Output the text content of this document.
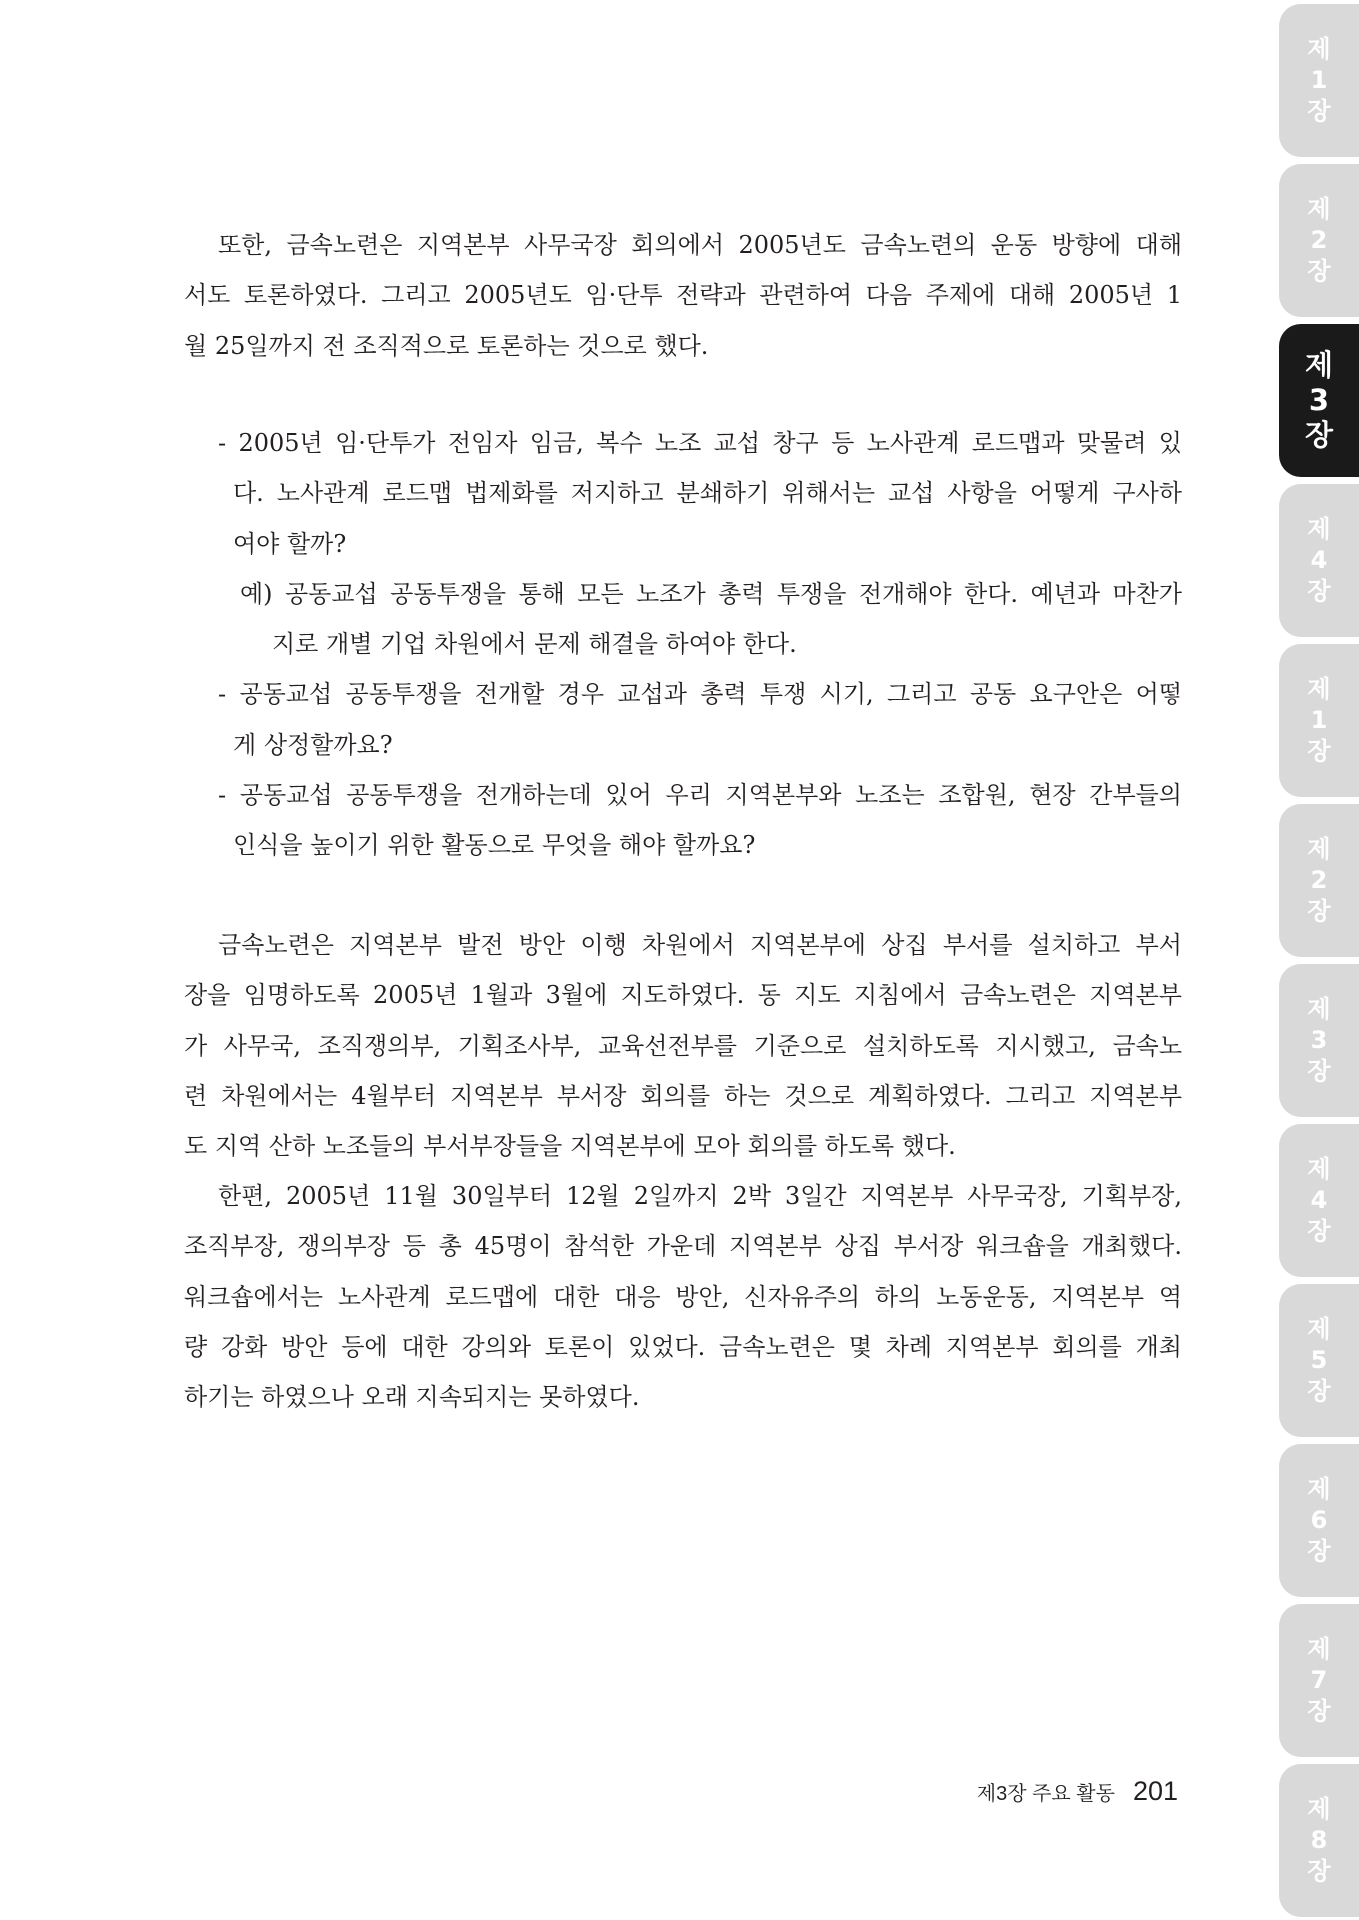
또한, 금속노련은 지역본부 사무국장 회의에서 2005년도 금속노련의 운동 방향에 대해
서도 토론하였다. 그리고 2005년도 임·단투 전략과 관련하여 다음 주제에 대해 2005년 1
월 25일까지 전 조직적으로 토론하는 것으로 했다.
- 2005년 임·단투가 전임자 임금, 복수 노조 교섭 창구 등 노사관계 로드맵과 맞물려 있
다. 노사관계 로드맵 법제화를 저지하고 분쇄하기 위해서는 교섭 사항을 어떻게 구사하
여야 할까?
예) 공동교섭 공동투쟁을 통해 모든 노조가 총력 투쟁을 전개해야 한다. 예년과 마찬가
지로 개별 기업 차원에서 문제 해결을 하여야 한다.
- 공동교섭 공동투쟁을 전개할 경우 교섭과 총력 투쟁 시기, 그리고 공동 요구안은 어떻
게 상정할까요?
- 공동교섭 공동투쟁을 전개하는데 있어 우리 지역본부와 노조는 조합원, 현장 간부들의
인식을 높이기 위한 활동으로 무엇을 해야 할까요?
금속노련은 지역본부 발전 방안 이행 차원에서 지역본부에 상집 부서를 설치하고 부서
장을 임명하도록 2005년 1월과 3월에 지도하였다. 동 지도 지침에서 금속노련은 지역본부
가 사무국, 조직쟁의부, 기획조사부, 교육선전부를 기준으로 설치하도록 지시했고, 금속노
련 차원에서는 4월부터 지역본부 부서장 회의를 하는 것으로 계획하였다. 그리고 지역본부
도 지역 산하 노조들의 부서부장들을 지역본부에 모아 회의를 하도록 했다.
한편, 2005년 11월 30일부터 12월 2일까지 2박 3일간 지역본부 사무국장, 기획부장,
조직부장, 쟁의부장 등 총 45명이 참석한 가운데 지역본부 상집 부서장 워크숍을 개최했다.
워크숍에서는 노사관계 로드맵에 대한 대응 방안, 신자유주의 하의 노동운동, 지역본부 역
량 강화 방안 등에 대한 강의와 토론이 있었다. 금속노련은 몇 차례 지역본부 회의를 개최
하기는 하였으나 오래 지속되지는 못하였다.
제3장 주요 활동 201
제
1
장
제
2
장
제
3
장
제
4
장
제
1
장
제
2
장
제
3
장
제
4
장
제
5
장
제
6
장
제
7
장
제
8
장
